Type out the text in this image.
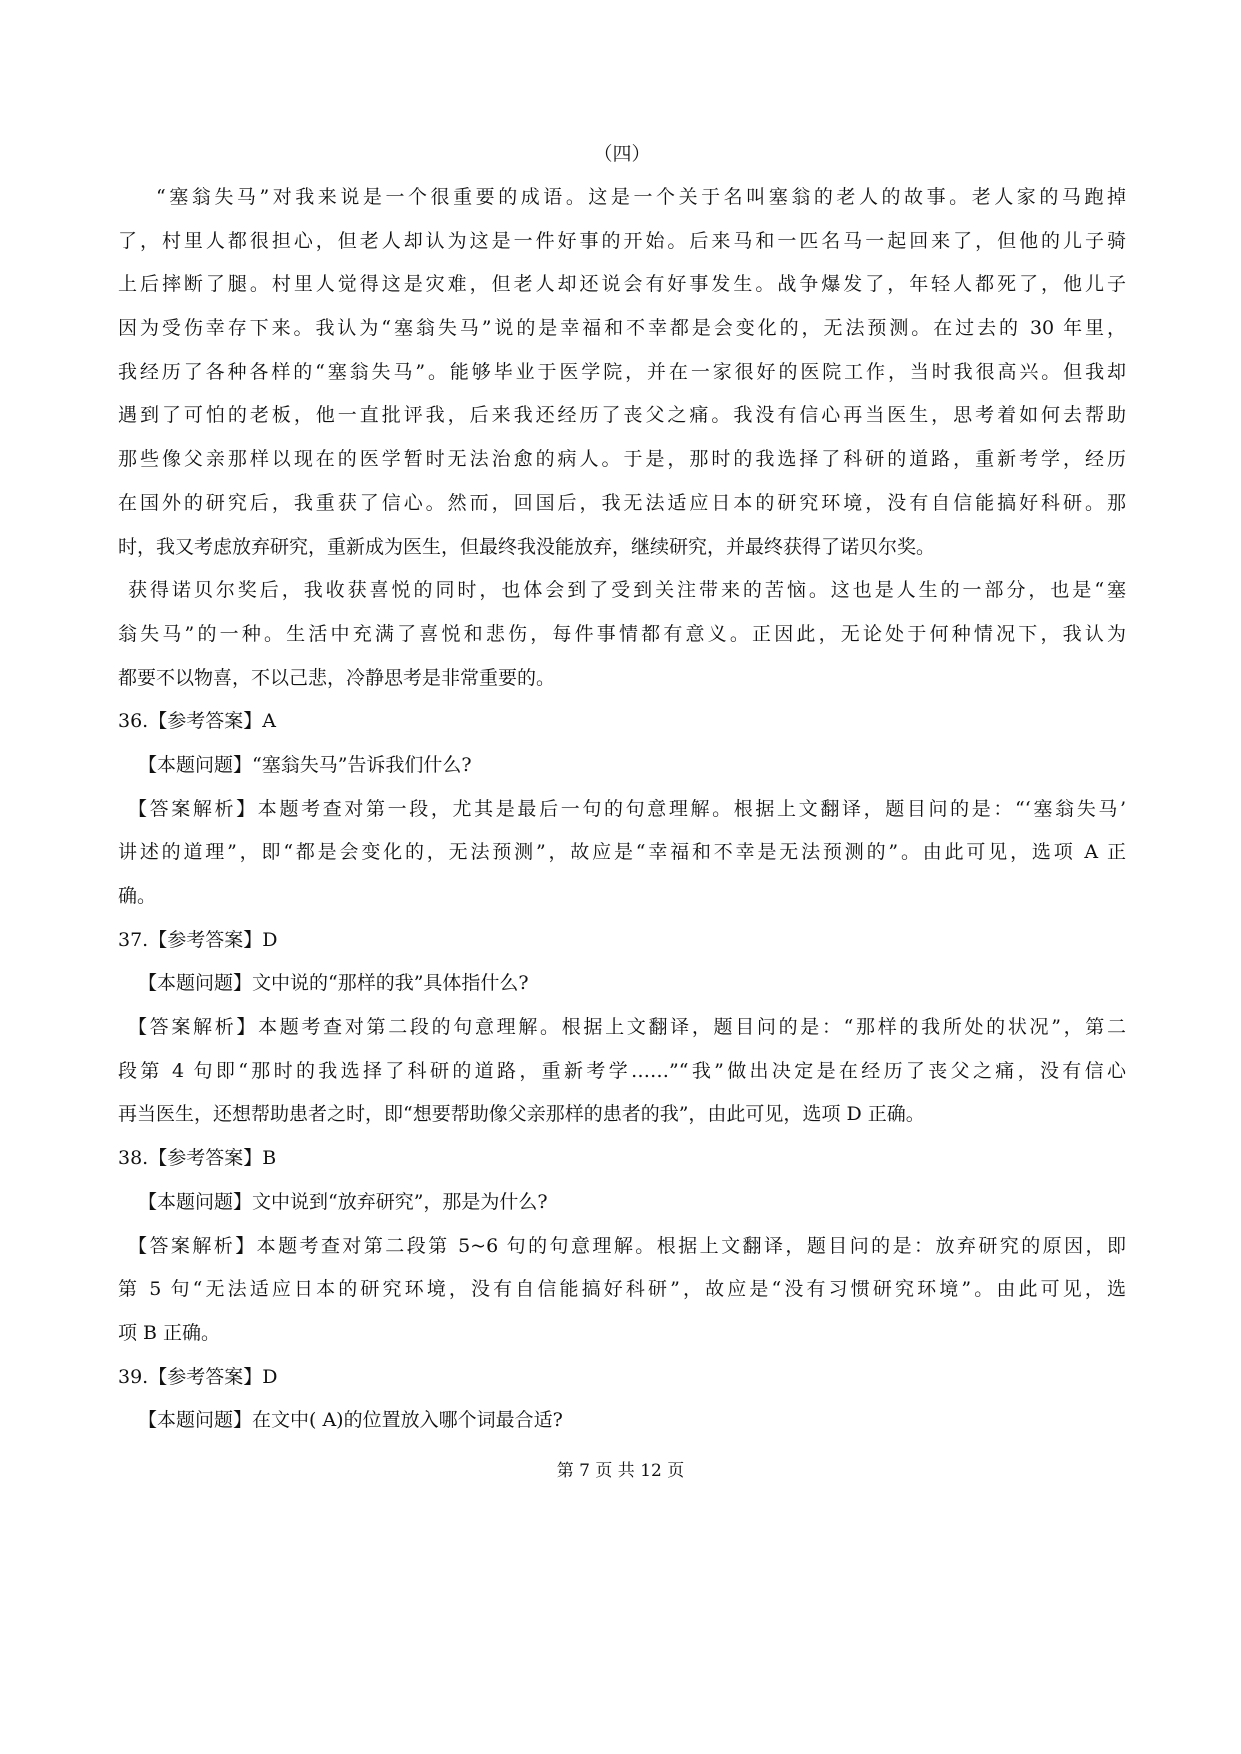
（四）
“塞翁失马”对我来说是一个很重要的成语。这是一个关于名叫塞翁的老人的故事。老人家的马跑掉
了，村里人都很担心，但老人却认为这是一件好事的开始。后来马和一匹名马一起回来了，但他的儿子骑
上后摔断了腿。村里人觉得这是灾难，但老人却还说会有好事发生。战争爆发了，年轻人都死了，他儿子
因为受伤幸存下来。我认为“塞翁失马”说的是幸福和不幸都是会变化的，无法预测。在过去的 30 年里，
我经历了各种各样的“塞翁失马”。能够毕业于医学院，并在一家很好的医院工作，当时我很高兴。但我却
遇到了可怕的老板，他一直批评我，后来我还经历了丧父之痛。我没有信心再当医生，思考着如何去帮助
那些像父亲那样以现在的医学暂时无法治愈的病人。于是，那时的我选择了科研的道路，重新考学，经历
在国外的研究后，我重获了信心。然而，回国后，我无法适应日本的研究环境，没有自信能搞好科研。那
时，我又考虑放弃研究，重新成为医生，但最终我没能放弃，继续研究，并最终获得了诺贝尔奖。
获得诺贝尔奖后，我收获喜悦的同时，也体会到了受到关注带来的苦恼。这也是人生的一部分，也是“塞
翁失马”的一种。生活中充满了喜悦和悲伤，每件事情都有意义。正因此，无论处于何种情况下，我认为
都要不以物喜，不以己悲，冷静思考是非常重要的。
36.【参考答案】A
【本题问题】“塞翁失马”告诉我们什么?
【答案解析】本题考查对第一段，尤其是最后一句的句意理解。根据上文翻译，题目问的是：“‘塞翁失马’
讲述的道理”，即“都是会变化的，无法预测”，故应是“幸福和不幸是无法预测的”。由此可见，选项 A 正
确。
37.【参考答案】D
【本题问题】文中说的“那样的我”具体指什么?
【答案解析】本题考查对第二段的句意理解。根据上文翻译，题目问的是：“那样的我所处的状况”，第二
段第 4 句即“那时的我选择了科研的道路，重新考学……”“我”做出决定是在经历了丧父之痛，没有信心
再当医生，还想帮助患者之时，即“想要帮助像父亲那样的患者的我”，由此可见，选项 D 正确。
38.【参考答案】B
【本题问题】文中说到“放弃研究”，那是为什么?
【答案解析】本题考查对第二段第 5~6 句的句意理解。根据上文翻译，题目问的是：放弃研究的原因，即
第 5 句“无法适应日本的研究环境，没有自信能搞好科研”，故应是“没有习惯研究环境”。由此可见，选
项 B 正确。
39.【参考答案】D
【本题问题】在文中( A)的位置放入哪个词最合适?
第 7 页 共 12 页
